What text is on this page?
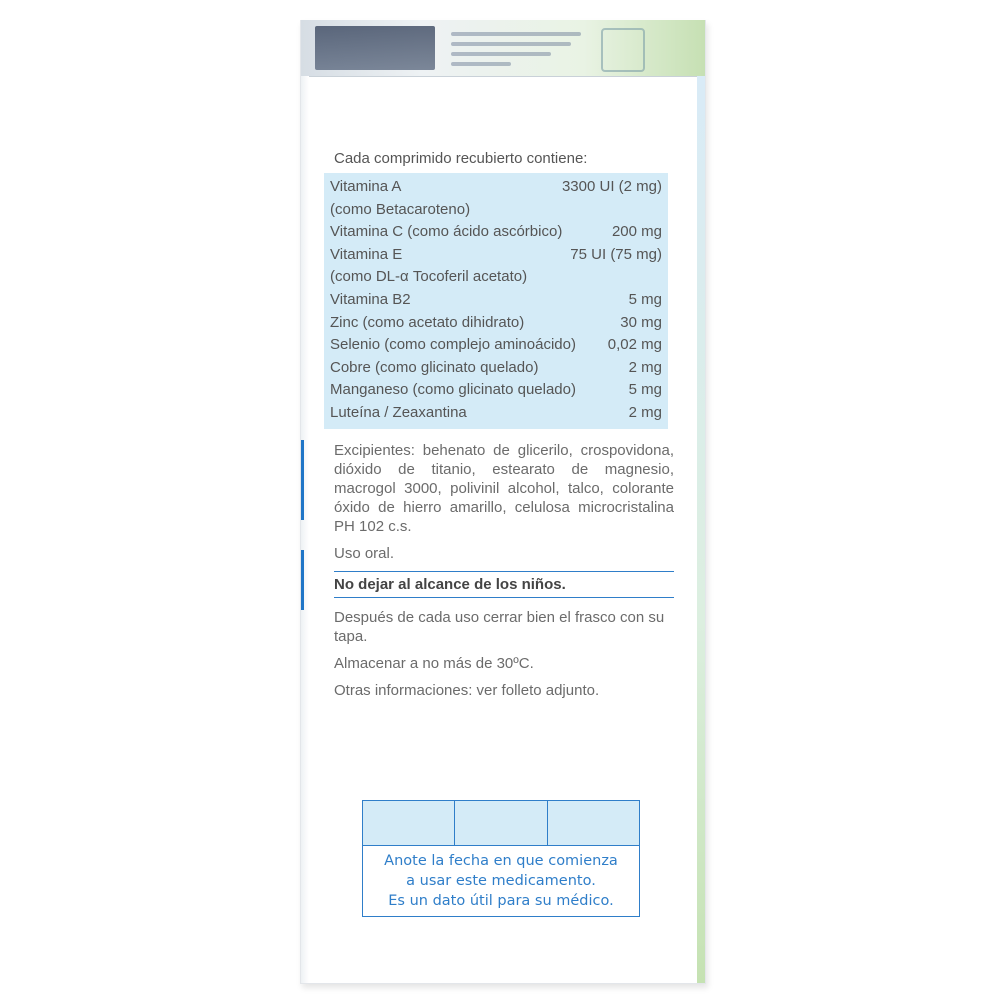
Cada comprimido recubierto contiene:

Vitamina A	3300 UI (2 mg)
(como Betacaroteno)
Vitamina C (como ácido ascórbico)	200 mg
Vitamina E	75 UI (75 mg)
(como DL-α Tocoferil acetato)
Vitamina B2	5 mg
Zinc (como acetato dihidrato)	30 mg
Selenio (como complejo aminoácido) 0,02 mg
Cobre (como glicinato quelado)	2 mg
Manganeso (como glicinato quelado)	5 mg
Luteína / Zeaxantina	2 mg

Excipientes: behenato de glicerilo, crospovidona, dióxido de titanio, estearato de magnesio, macrogol 3000, polivinil alcohol, talco, colorante óxido de hierro amarillo, celulosa microcristalina PH 102 c.s.

Uso oral.

No dejar al alcance de los niños.

Después de cada uso cerrar bien el frasco con su tapa.

Almacenar a no más de 30ºC.

Otras informaciones: ver folleto adjunto.

Anote la fecha en que comienza
a usar este medicamento.
Es un dato útil para su médico.
